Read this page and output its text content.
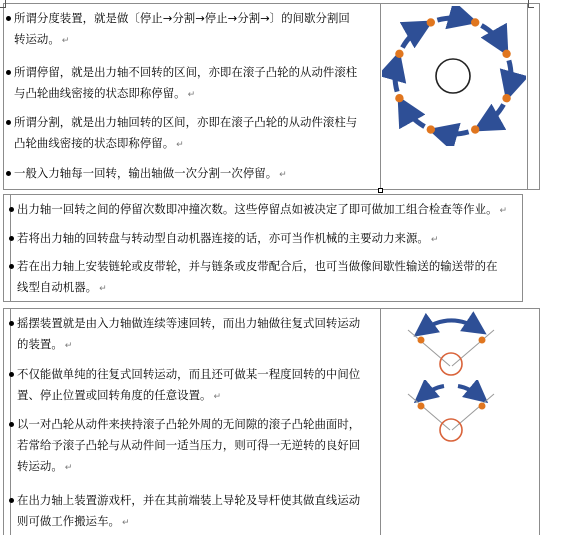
所谓分度装置，就是做〔停止→分割→停止→分割→〕的间歇分割回
转运动。 ↵
所谓停留，就是出力轴不回转的区间，亦即在滚子凸轮的从动件滚柱
与凸轮曲线密接的状态即称停留。 ↵
所谓分割，就是出力轴回转的区间，亦即在滚子凸轮的从动件滚柱与
凸轮曲线密接的状态即称停留。 ↵
一般入力轴每一回转，输出轴做一次分割一次停留。 ↵
出力轴一回转之间的停留次数即冲撞次数。这些停留点如被决定了即可做加工组合检查等作业。 ↵
若将出力轴的回转盘与转动型自动机器连接的话，亦可当作机械的主要动力来源。 ↵
若在出力轴上安装链轮或皮带轮，并与链条或皮带配合后，也可当做像间歇性输送的输送带的在
线型自动机器。 ↵
摇摆装置就是由入力轴做连续等速回转，而出力轴做往复式回转运动
的装置。 ↵
不仅能做单纯的往复式回转运动，而且还可做某一程度回转的中间位
置、停止位置或回转角度的任意设置。 ↵
以一对凸轮从动件来挟持滚子凸轮外周的无间隙的滚子凸轮曲面时，
若常给予滚子凸轮与从动件间一适当压力，则可得一无逆转的良好回
转运动。 ↵
在出力轴上装置游戏杆，并在其前端装上导轮及导杆使其做直线运动
则可做工作搬运车。 ↵
